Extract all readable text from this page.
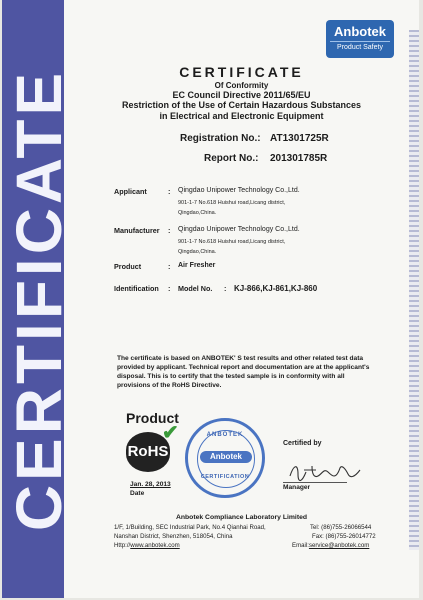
CERTIFICATE
Anbotek
Product Safety
CERTIFICATE
Of Conformity
EC Council Directive 2011/65/EU
Restriction of the Use of Certain Hazardous Substances
in Electrical and Electronic Equipment
Registration No.: AT1301725R
Report No.: 201301785R
Applicant	: Qingdao Unipower Technology Co.,Ltd.
901-1-7 No.618 Huishui road,Licang district,
Qingdao,China.
Manufacturer : Qingdao Unipower Technology Co.,Ltd.
901-1-7 No.618 Huishui road,Licang district,
Qingdao,China.
Product	: Air Fresher
Identification : Model No. : KJ-866,KJ-861,KJ-860
The certificate is based on ANBOTEK' S test results and other related test data
provided by applicant. Technical report and documentation are at the applicant's
disposal. This is to certify that the tested sample is in conformity with all
provisions of the RoHS Directive.
Product
RoHS
✔	ANBOTEK
Anbotek
CERTIFICATION
Certified by
Manager
Jan. 28, 2013
Date
Anbotek Compliance Laboratory Limited
1/F, 1/Building, SEC Industrial Park, No.4 Qianhai Road,
Nanshan District, Shenzhen, 518054, China
Http://www.anbotek.com
Tel: (86)755-26066544
Fax: (86)755-26014772
Email:service@anbotek.com
